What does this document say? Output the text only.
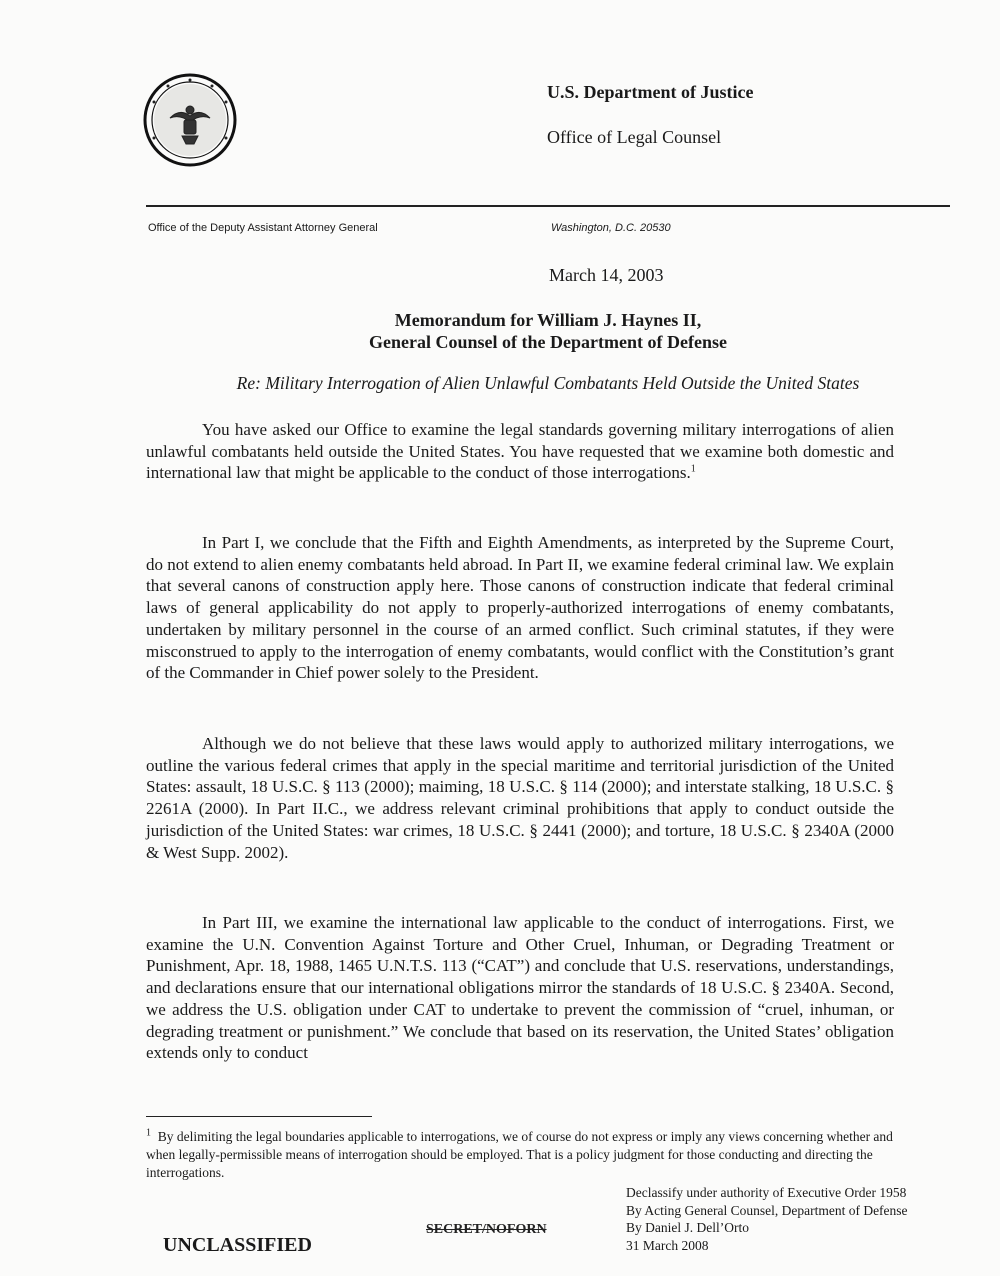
U.S. Department of Justice
Office of Legal Counsel
Office of the Deputy Assistant Attorney General	Washington, D.C. 20530
March 14, 2003
Memorandum for William J. Haynes II,
General Counsel of the Department of Defense
Re: Military Interrogation of Alien Unlawful Combatants Held Outside the United States

You have asked our Office to examine the legal standards governing military interrogations of alien unlawful combatants held outside the United States. You have requested that we examine both domestic and international law that might be applicable to the conduct of those interrogations.$^1$

In Part I, we conclude that the Fifth and Eighth Amendments, as interpreted by the Supreme Court, do not extend to alien enemy combatants held abroad. In Part II, we examine federal criminal law. We explain that several canons of construction apply here. Those canons of construction indicate that federal criminal laws of general applicability do not apply to properly-authorized interrogations of enemy combatants, undertaken by military personnel in the course of an armed conflict. Such criminal statutes, if they were misconstrued to apply to the interrogation of enemy combatants, would conflict with the Constitution’s grant of the Commander in Chief power solely to the President.

Although we do not believe that these laws would apply to authorized military interrogations, we outline the various federal crimes that apply in the special maritime and territorial jurisdiction of the United States: assault, 18 U.S.C. § 113 (2000); maiming, 18 U.S.C. § 114 (2000); and interstate stalking, 18 U.S.C. § 2261A (2000). In Part II.C., we address relevant criminal prohibitions that apply to conduct outside the jurisdiction of the United States: war crimes, 18 U.S.C. § 2441 (2000); and torture, 18 U.S.C. § 2340A (2000 & West Supp. 2002).

In Part III, we examine the international law applicable to the conduct of interrogations. First, we examine the U.N. Convention Against Torture and Other Cruel, Inhuman, or Degrading Treatment or Punishment, Apr. 18, 1988, 1465 U.N.T.S. 113 (“CAT”) and conclude that U.S. reservations, understandings, and declarations ensure that our international obligations mirror the standards of 18 U.S.C. § 2340A. Second, we address the U.S. obligation under CAT to undertake to prevent the commission of “cruel, inhuman, or degrading treatment or punishment.” We conclude that based on its reservation, the United States’ obligation extends only to conduct

$^1$ By delimiting the legal boundaries applicable to interrogations, we of course do not express or imply any views concerning whether and when legally-permissible means of interrogation should be employed. That is a policy judgment for those conducting and directing the interrogations.

Declassify under authority of Executive Order 1958
By Acting General Counsel, Department of Defense
By Daniel J. Dell’Orto
31 March 2008
UNCLASSIFIED
SECRET/NOFORN
